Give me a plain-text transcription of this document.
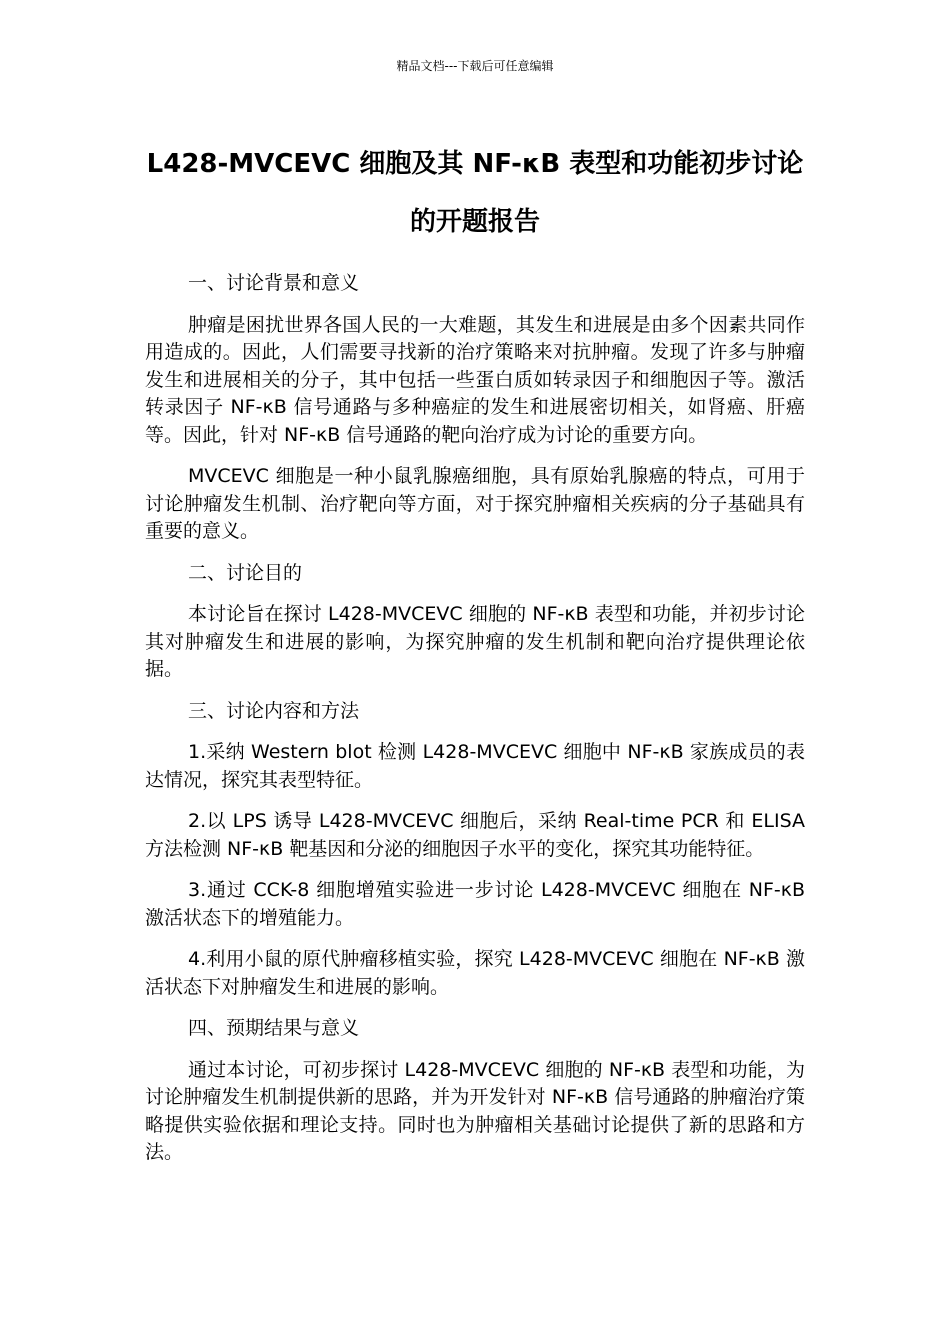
精品文档---下载后可任意编辑
L428-MVCEVC 细胞及其 NF-κB 表型和功能初步讨论的开题报告

一、讨论背景和意义

肿瘤是困扰世界各国人民的一大难题，其发生和进展是由多个因素共同作用造成的。因此，人们需要寻找新的治疗策略来对抗肿瘤。发现了许多与肿瘤发生和进展相关的分子，其中包括一些蛋白质如转录因子和细胞因子等。激活转录因子 NF-κB 信号通路与多种癌症的发生和进展密切相关，如肾癌、肝癌等。因此，针对 NF-κB 信号通路的靶向治疗成为讨论的重要方向。

MVCEVC 细胞是一种小鼠乳腺癌细胞，具有原始乳腺癌的特点，可用于讨论肿瘤发生机制、治疗靶向等方面，对于探究肿瘤相关疾病的分子基础具有重要的意义。

二、讨论目的

本讨论旨在探讨 L428-MVCEVC 细胞的 NF-κB 表型和功能，并初步讨论其对肿瘤发生和进展的影响，为探究肿瘤的发生机制和靶向治疗提供理论依据。

三、讨论内容和方法

1.采纳 Western blot 检测 L428-MVCEVC 细胞中 NF-κB 家族成员的表达情况，探究其表型特征。

2.以 LPS 诱导 L428-MVCEVC 细胞后，采纳 Real-time PCR 和 ELISA 方法检测 NF-κB 靶基因和分泌的细胞因子水平的变化，探究其功能特征。

3.通过 CCK-8 细胞增殖实验进一步讨论 L428-MVCEVC 细胞在 NF-κB 激活状态下的增殖能力。

4.利用小鼠的原代肿瘤移植实验，探究 L428-MVCEVC 细胞在 NF-κB 激活状态下对肿瘤发生和进展的影响。

四、预期结果与意义

通过本讨论，可初步探讨 L428-MVCEVC 细胞的 NF-κB 表型和功能，为讨论肿瘤发生机制提供新的思路，并为开发针对 NF-κB 信号通路的肿瘤治疗策略提供实验依据和理论支持。同时也为肿瘤相关基础讨论提供了新的思路和方法。
